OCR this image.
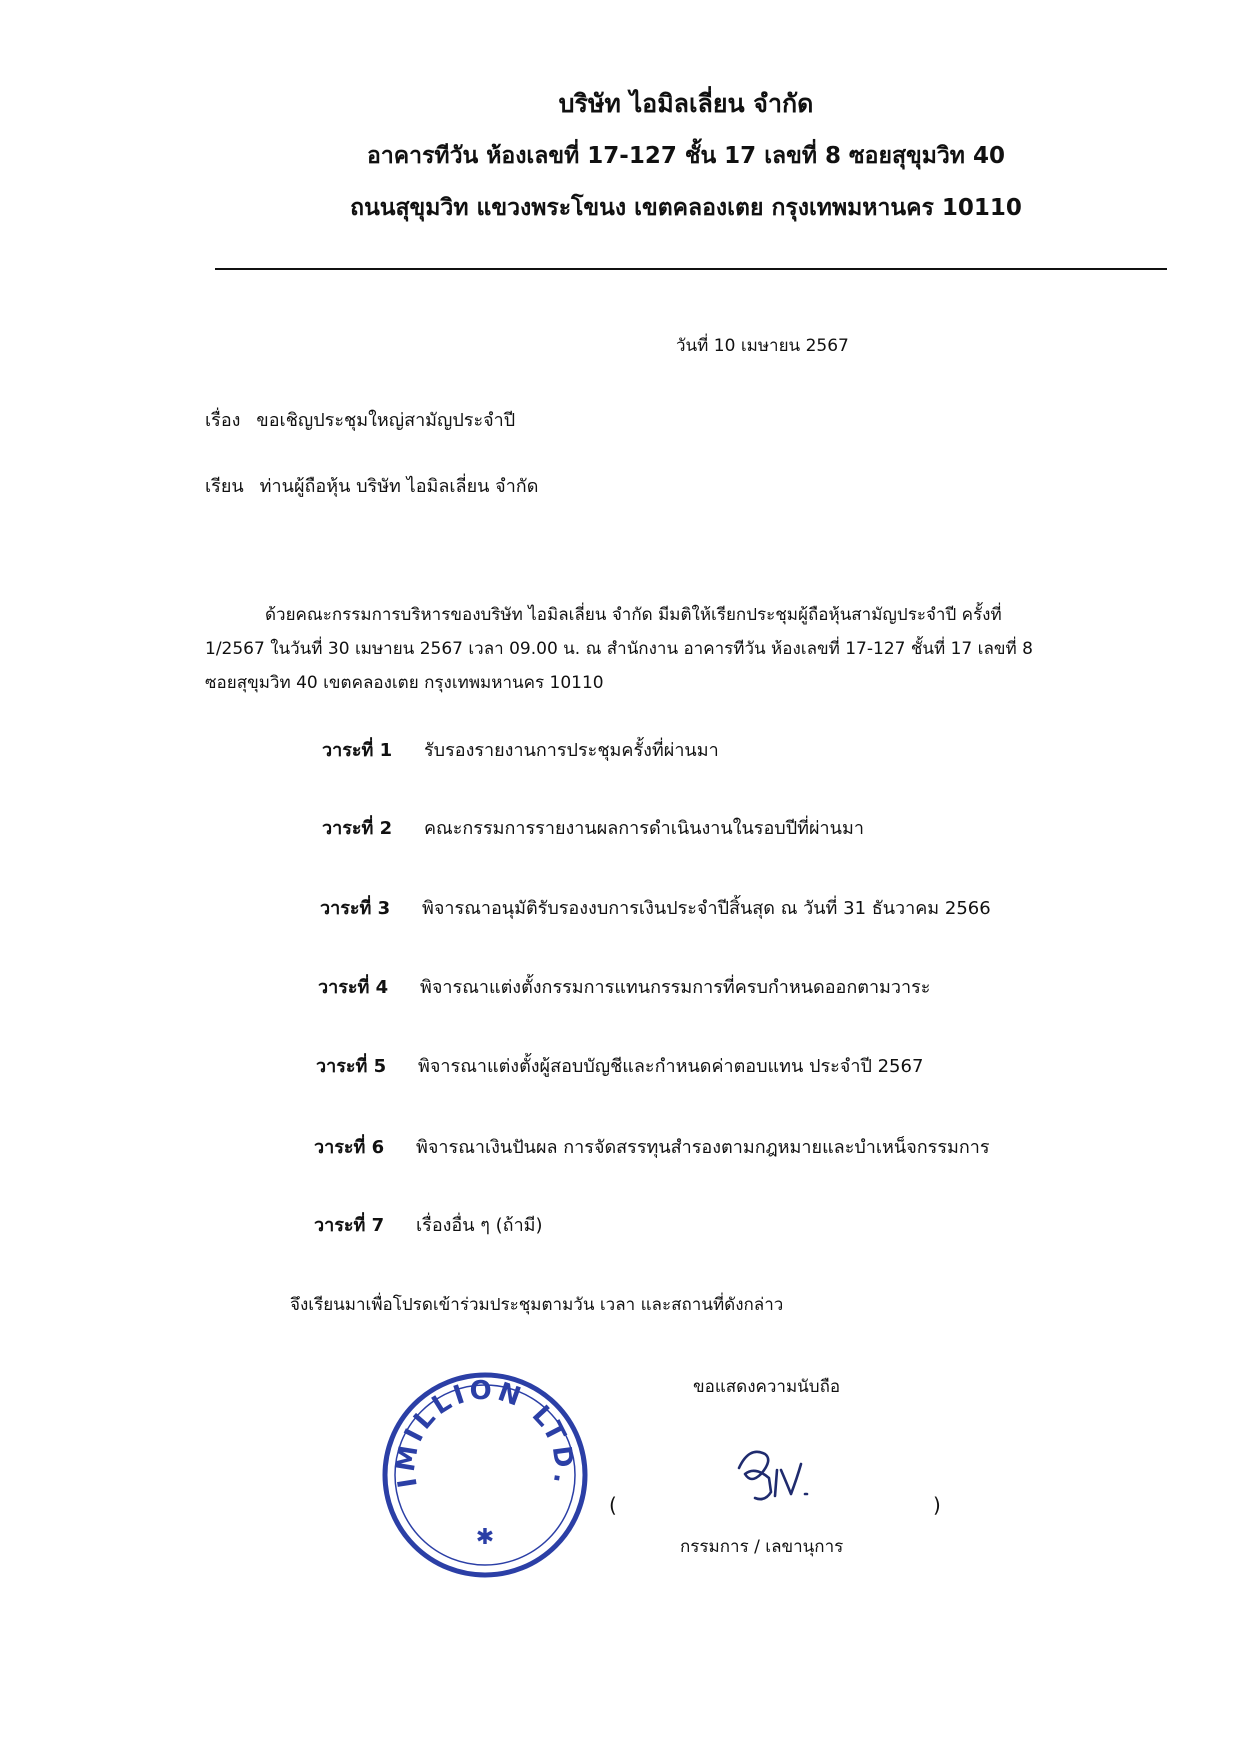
บริษัท ไอมิลเลี่ยน จำกัด
อาคารทีวัน ห้องเลขที่ 17-127 ชั้น 17 เลขที่ 8 ซอยสุขุมวิท 40
ถนนสุขุมวิท แขวงพระโขนง เขตคลองเตย กรุงเทพมหานคร 10110
วันที่ 10 เมษายน 2567
เรื่อง ขอเชิญประชุมใหญ่สามัญประจำปี
เรียน ท่านผู้ถือหุ้น บริษัท ไอมิลเลี่ยน จำกัด
ด้วยคณะกรรมการบริหารของบริษัท ไอมิลเลี่ยน จำกัด มีมติให้เรียกประชุมผู้ถือหุ้นสามัญประจำปี ครั้งที่
1/2567 ในวันที่ 30 เมษายน 2567 เวลา 09.00 น. ณ สำนักงาน อาคารทีวัน ห้องเลขที่ 17-127 ชั้นที่ 17 เลขที่ 8
ซอยสุขุมวิท 40 เขตคลองเตย กรุงเทพมหานคร 10110
วาระที่ 1 รับรองรายงานการประชุมครั้งที่ผ่านมา
วาระที่ 2 คณะกรรมการรายงานผลการดำเนินงานในรอบปีที่ผ่านมา
วาระที่ 3 พิจารณาอนุมัติรับรองงบการเงินประจำปีสิ้นสุด ณ วันที่ 31 ธันวาคม 2566
วาระที่ 4 พิจารณาแต่งตั้งกรรมการแทนกรรมการที่ครบกำหนดออกตามวาระ
วาระที่ 5 พิจารณาแต่งตั้งผู้สอบบัญชีและกำหนดค่าตอบแทน ประจำปี 2567
วาระที่ 6 พิจารณาเงินปันผล การจัดสรรทุนสำรองตามกฎหมายและบำเหน็จกรรมการ
วาระที่ 7 เรื่องอื่น ๆ (ถ้ามี)
จึงเรียนมาเพื่อโปรดเข้าร่วมประชุมตามวัน เวลา และสถานที่ดังกล่าว
ขอแสดงความนับถือ
IMILLION LTD.
✱
(	)
กรรมการ / เลขานุการ
